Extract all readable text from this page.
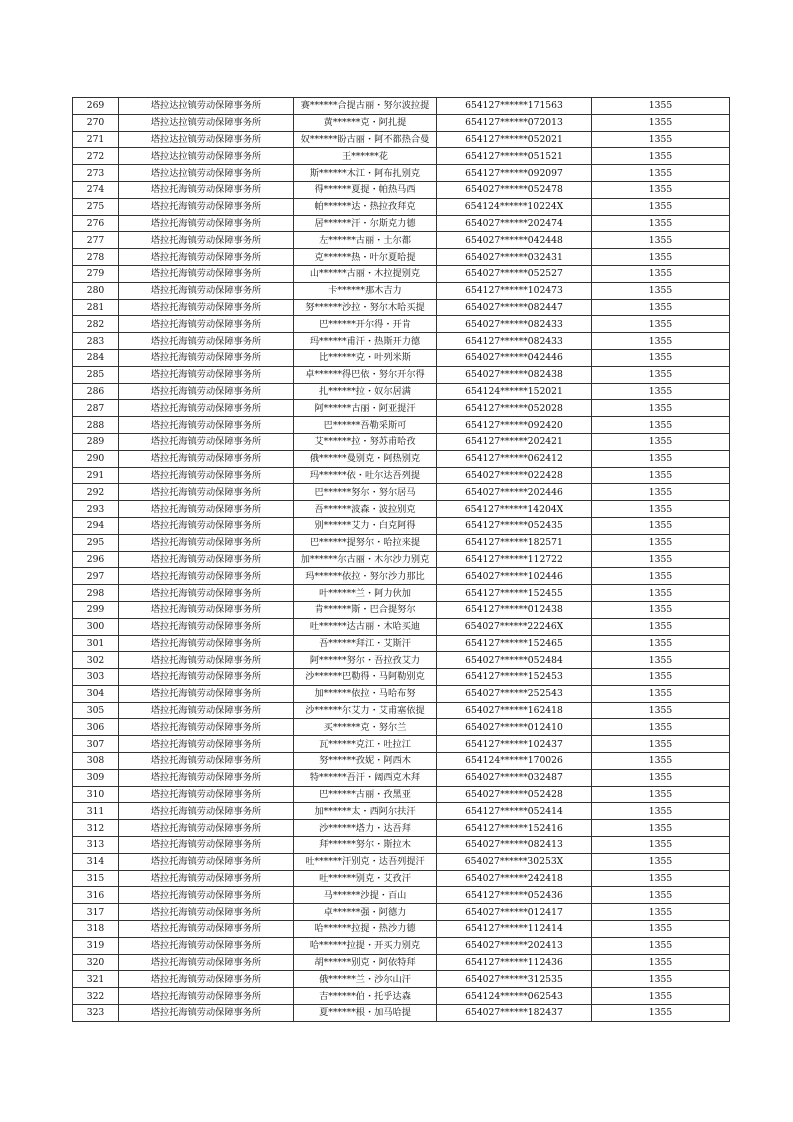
269	塔拉达拉镇劳动保障事务所	赛******合提古丽・努尔波拉提	654127******171563	1355
270	塔拉达拉镇劳动保障事务所	黄******克・阿扎提	654127******072013	1355
271	塔拉达拉镇劳动保障事务所	奴******盼古丽・阿不都热合曼	654127******052021	1355
272	塔拉达拉镇劳动保障事务所	王******花	654127******051521	1355
273	塔拉达拉镇劳动保障事务所	斯******木江・阿布扎别克	654127******092097	1355
274	塔拉托海镇劳动保障事务所	得******夏提・帕热马西	654027******052478	1355
275	塔拉托海镇劳动保障事务所	帕******达・热拉孜拜克	654124******10224X	1355
276	塔拉托海镇劳动保障事务所	居******汗・尔斯克力德	654027******202474	1355
277	塔拉托海镇劳动保障事务所	左******古丽・土尔都	654027******042448	1355
278	塔拉托海镇劳动保障事务所	克******热・叶尔夏哈提	654027******032431	1355
279	塔拉托海镇劳动保障事务所	山******古丽・木拉提别克	654027******052527	1355
280	塔拉托海镇劳动保障事务所	卡******那木吉力	654127******102473	1355
281	塔拉托海镇劳动保障事务所	努******沙拉・努尔木哈买提	654027******082447	1355
282	塔拉托海镇劳动保障事务所	巴******开尔得・开肯	654027******082433	1355
283	塔拉托海镇劳动保障事务所	玛******甫汗・热斯开力德	654127******082433	1355
284	塔拉托海镇劳动保障事务所	比******克・叶列米斯	654027******042446	1355
285	塔拉托海镇劳动保障事务所	卓******得巴依・努尔开尔得	654027******082438	1355
286	塔拉托海镇劳动保障事务所	扎******拉・奴尔居满	654124******152021	1355
287	塔拉托海镇劳动保障事务所	阿******古丽・阿亚提汗	654127******052028	1355
288	塔拉托海镇劳动保障事务所	巴******吾勒采斯可	654127******092420	1355
289	塔拉托海镇劳动保障事务所	艾******拉・努苏甫哈孜	654127******202421	1355
290	塔拉托海镇劳动保障事务所	俄******曼别克・阿热别克	654127******062412	1355
291	塔拉托海镇劳动保障事务所	玛******依・吐尔达吾列提	654027******022428	1355
292	塔拉托海镇劳动保障事务所	巴******努尔・努尔居马	654027******202446	1355
293	塔拉托海镇劳动保障事务所	吾******波森・波拉别克	654127******14204X	1355
294	塔拉托海镇劳动保障事务所	别******艾力・白克阿得	654127******052435	1355
295	塔拉托海镇劳动保障事务所	巴******提努尔・哈拉来提	654127******182571	1355
296	塔拉托海镇劳动保障事务所	加******尔古丽・木尔沙力别克	654127******112722	1355
297	塔拉托海镇劳动保障事务所	玛******依拉・努尔沙力那比	654027******102446	1355
298	塔拉托海镇劳动保障事务所	叶******兰・阿力伙加	654127******152455	1355
299	塔拉托海镇劳动保障事务所	肯******斯・巴合提努尔	654127******012438	1355
300	塔拉托海镇劳动保障事务所	吐******达古丽・木哈买迪	654027******22246X	1355
301	塔拉托海镇劳动保障事务所	吾******拜江・艾斯汗	654127******152465	1355
302	塔拉托海镇劳动保障事务所	阿******努尔・吾拉孜艾力	654027******052484	1355
303	塔拉托海镇劳动保障事务所	沙******巴勒得・马阿勒别克	654127******152453	1355
304	塔拉托海镇劳动保障事务所	加******依拉・马哈布努	654027******252543	1355
305	塔拉托海镇劳动保障事务所	沙******尔艾力・艾甫塞依提	654027******162418	1355
306	塔拉托海镇劳动保障事务所	买******克・努尔兰	654027******012410	1355
307	塔拉托海镇劳动保障事务所	瓦******克江・吐拉江	654127******102437	1355
308	塔拉托海镇劳动保障事务所	努******孜妮・阿西木	654124******170026	1355
309	塔拉托海镇劳动保障事务所	特******吾汗・阔西克木拜	654027******032487	1355
310	塔拉托海镇劳动保障事务所	巴******古丽・孜黑亚	654027******052428	1355
311	塔拉托海镇劳动保障事务所	加******太・西阿尔扶汗	654127******052414	1355
312	塔拉托海镇劳动保障事务所	沙******塔力・达吾拜	654127******152416	1355
313	塔拉托海镇劳动保障事务所	拜******努尔・斯拉木	654027******082413	1355
314	塔拉托海镇劳动保障事务所	吐******汗别克・达吾列提汗	654027******30253X	1355
315	塔拉托海镇劳动保障事务所	吐******别克・艾孜汗	654027******242418	1355
316	塔拉托海镇劳动保障事务所	马******沙提・百山	654127******052436	1355
317	塔拉托海镇劳动保障事务所	卓******强・阿德力	654027******012417	1355
318	塔拉托海镇劳动保障事务所	哈******拉提・热沙力德	654127******112414	1355
319	塔拉托海镇劳动保障事务所	哈******拉提・开买力别克	654027******202413	1355
320	塔拉托海镇劳动保障事务所	胡******别克・阿依特拜	654127******112436	1355
321	塔拉托海镇劳动保障事务所	俄******兰・沙尔山汗	654027******312535	1355
322	塔拉托海镇劳动保障事务所	吉******伯・托乎达森	654124******062543	1355
323	塔拉托海镇劳动保障事务所	夏******根・加马哈提	654027******182437	1355
